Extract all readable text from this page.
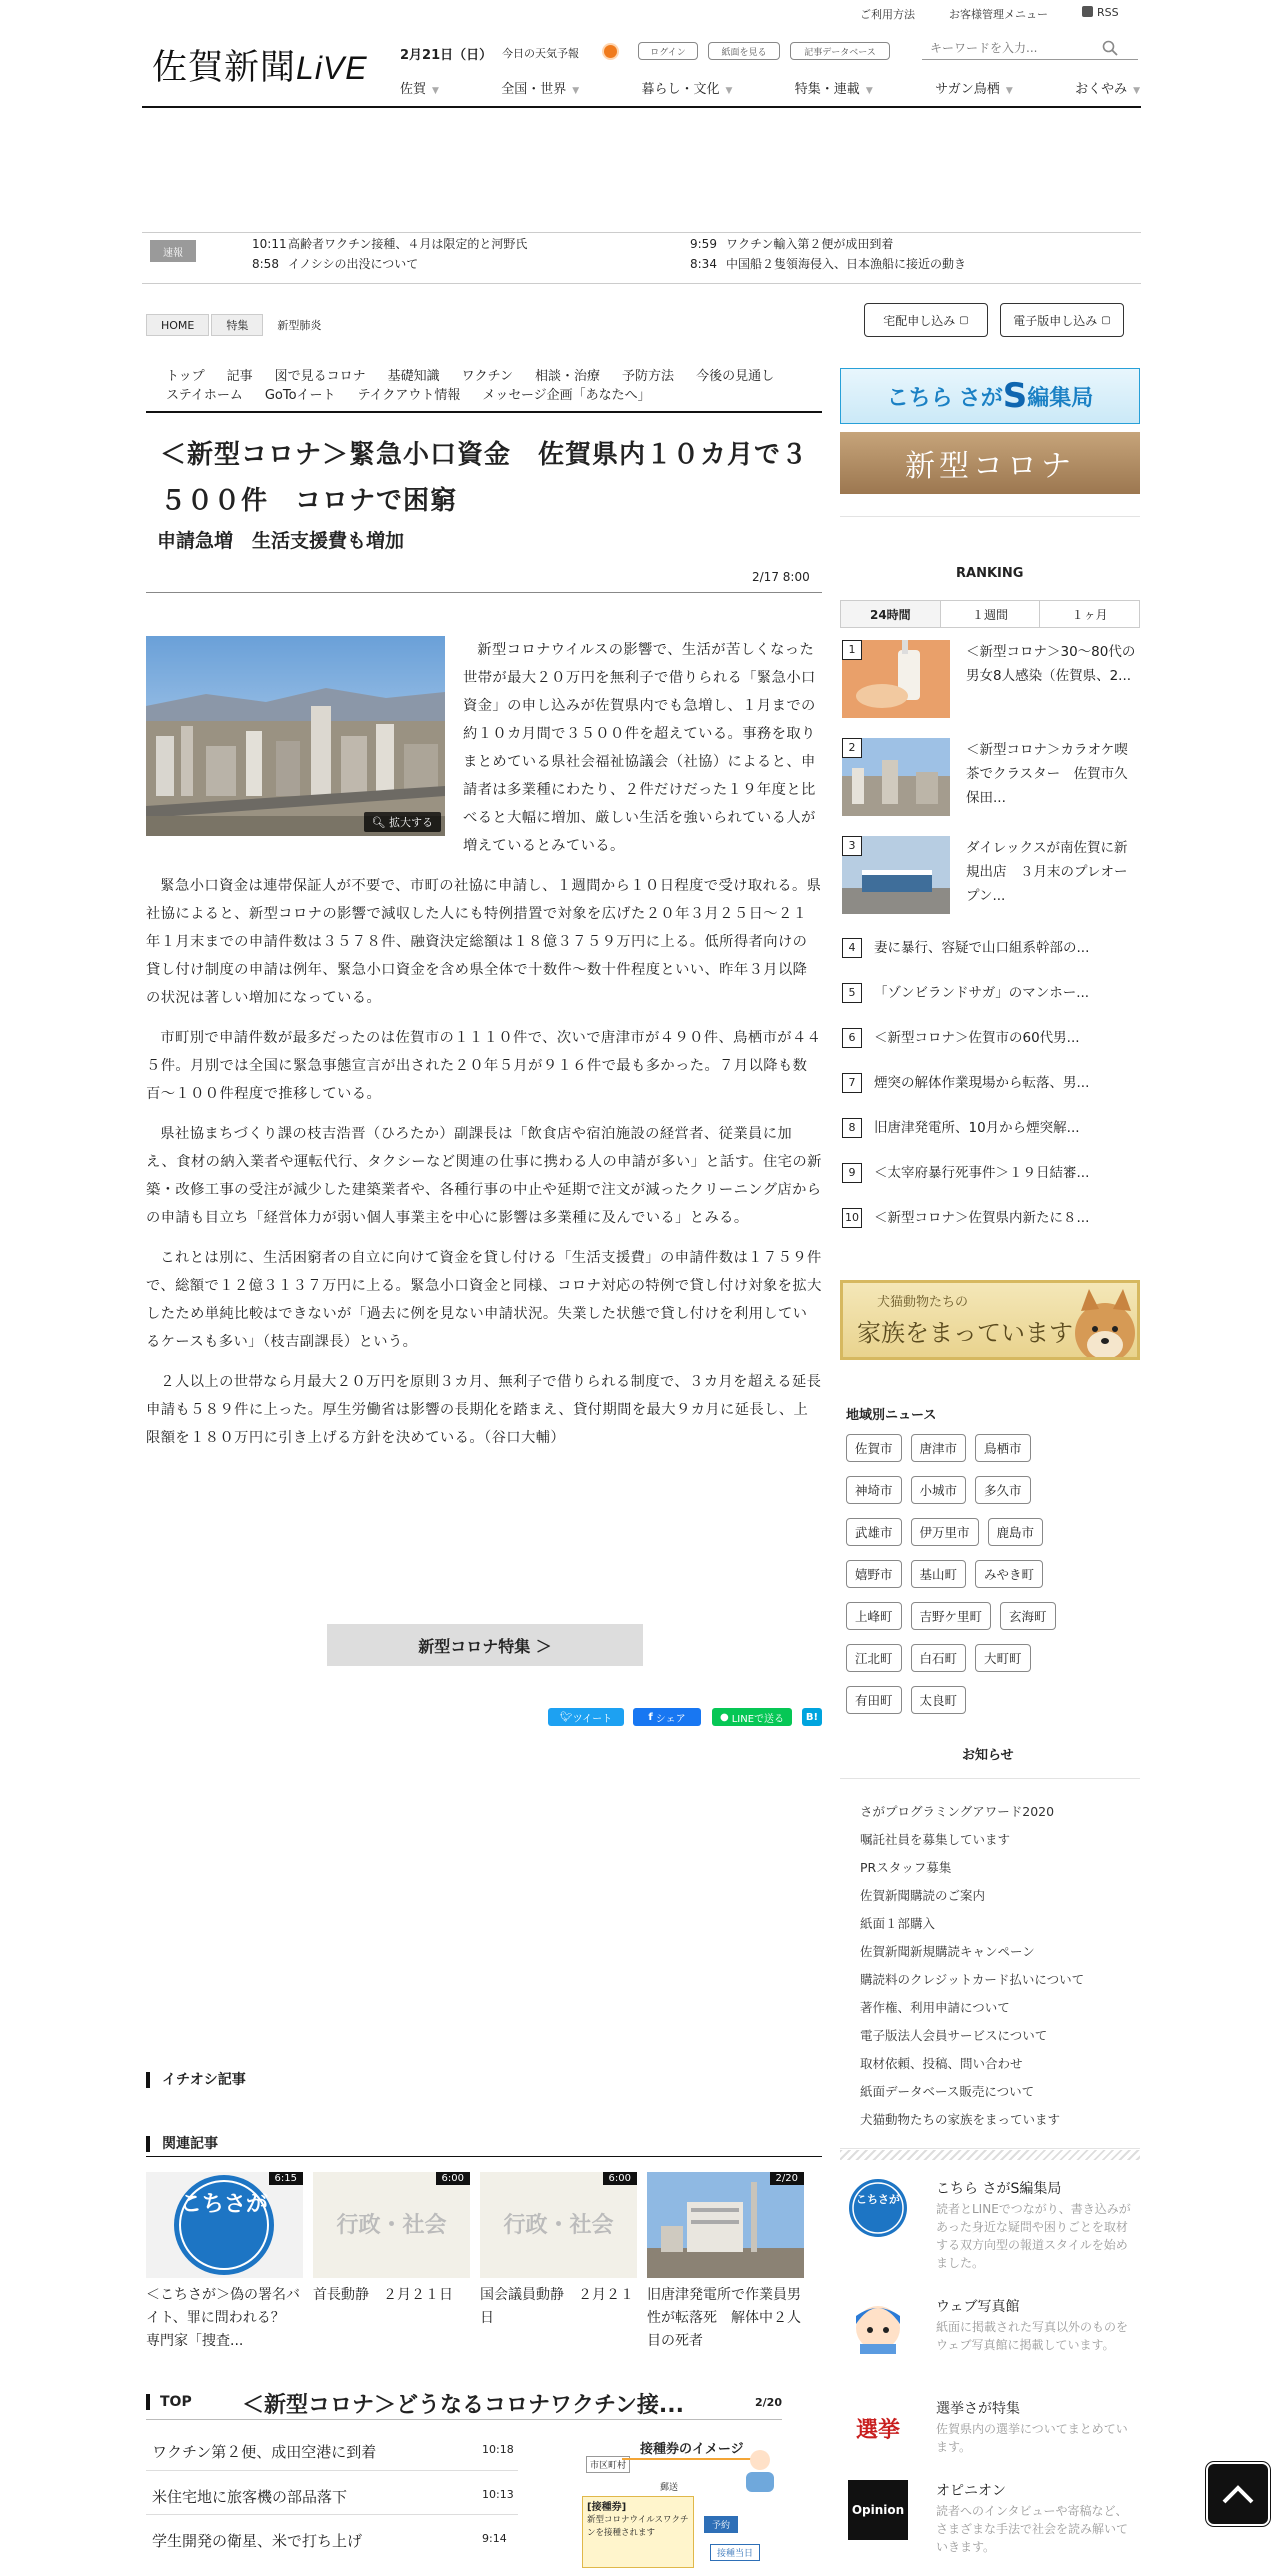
ご利用方法	お客様管理メニュー	RSS
佐賀新聞LiVE 2月21日（日） 今日の天気予報	ログイン	紙面を見る	記事データベース
キーワードを入力...
佐賀 ▼	全国・世界 ▼	暮らし・文化 ▼	特集・連載 ▼	サガン鳥栖 ▼	おくやみ ▼
速報
10:11高齢者ワクチン接種、４月は限定的と河野氏
8:58 イノシシの出没について
9:59 ワクチン輸入第２便が成田到着
8:34 中国船２隻領海侵入、日本漁船に接近の動き
HOME	特集	新型肺炎	宅配申し込み ▢	電子版申し込み ▢
トップ 記事 図で見るコロナ 基礎知識 ワクチン 相談・治療 予防方法 今後の見通し
ステイホーム GoToイート テイクアウト情報 メッセージ企画「あなたへ」
＜新型コロナ＞緊急小口資金　佐賀県内１０カ月で３５００件　コロナで困窮
申請急増　生活支援費も増加
2/17 8:00

新型コロナウイルスの影響で、生活が苦しくなった世帯が最大２０万円を無利子で借りられる「緊急小口資金」の申し込みが佐賀県内でも急増し、１月までの約１０カ月間で３５００件を超えている。事務を取りまとめている県社会福祉協議会（社協）によると、申請者は多業種にわたり、２件だけだった１９年度と比べると大幅に増加、厳しい生活を強いられている人が増えているとみている。

緊急小口資金は連帯保証人が不要で、市町の社協に申請し、１週間から１０日程度で受け取れる。県社協によると、新型コロナの影響で減収した人にも特例措置で対象を広げた２０年３月２５日～２１年１月末までの申請件数は３５７８件、融資決定総額は１８億３７５９万円に上る。低所得者向けの貸し付け制度の申請は例年、緊急小口資金を含め県全体で十数件～数十件程度といい、昨年３月以降の状況は著しい増加になっている。

市町別で申請件数が最多だったのは佐賀市の１１１０件で、次いで唐津市が４９０件、鳥栖市が４４５件。月別では全国に緊急事態宣言が出された２０年５月が９１６件で最も多かった。７月以降も数百～１００件程度で推移している。

県社協まちづくり課の枝吉浩晋（ひろたか）副課長は「飲食店や宿泊施設の経営者、従業員に加え、食材の納入業者や運転代行、タクシーなど関連の仕事に携わる人の申請が多い」と話す。住宅の新築・改修工事の受注が減少した建築業者や、各種行事の中止や延期で注文が減ったクリーニング店からの申請も目立ち「経営体力が弱い個人事業主を中心に影響は多業種に及んでいる」とみる。

これとは別に、生活困窮者の自立に向けて資金を貸し付ける「生活支援費」の申請件数は１７５９件で、総額で１２億３１３７万円に上る。緊急小口資金と同様、コロナ対応の特例で貸し付け対象を拡大したため単純比較はできないが「過去に例を見ない申請状況。失業した状態で貸し付けを利用しているケースも多い」（枝吉副課長）という。

２人以上の世帯なら月最大２０万円を原則３カ月、無利子で借りられる制度で、３カ月を超える延長申請も５８９件に上った。厚生労働省は影響の長期化を踏まえ、貸付期間を最大９カ月に延長し、上限額を１８０万円に引き上げる方針を決めている。（谷口大輔）

🔍︎ 拡大する
新型コロナ特集 ＞
🐦︎ ツイート	f シェア	● LINEで送る	B!
こちら さが S 編集局
新型コロナ
RANKING
24時間	１週間	１ヶ月
1	＜新型コロナ＞30～80代の男女8人感染（佐賀県、2...
2	＜新型コロナ＞カラオケ喫茶でクラスター　佐賀市久保田...
3	ダイレックスが南佐賀に新規出店　３月末のプレオープン...
4	妻に暴行、容疑で山口組系幹部の...
5	「ゾンビランドサガ」のマンホー...
6	＜新型コロナ＞佐賀市の60代男...
7	煙突の解体作業現場から転落、男...
8	旧唐津発電所、10月から煙突解...
9	＜太宰府暴行死事件＞１９日結審...
10 ＜新型コロナ＞佐賀県内新たに８...
犬猫動物たちの
家族をまっています
地域別ニュース
佐賀市 唐津市 鳥栖市
神埼市 小城市 多久市
武雄市 伊万里市 鹿島市
嬉野市 基山町 みやき町
上峰町 吉野ケ里町 玄海町
江北町 白石町 大町町
有田町 太良町
お知らせ
さがプログラミングアワード2020
嘱託社員を募集しています
PRスタッフ募集
佐賀新聞購読のご案内
紙面１部購入
佐賀新聞新規購読キャンペーン
購読料のクレジットカード払いについて
著作権、利用申請について
電子版法人会員サービスについて
取材依頼、投稿、問い合わせ
紙面データベース販売について
犬猫動物たちの家族をまっています
こちさが
こちら さがS編集局
読者とLINEでつながり、書き込みがあった身近な疑問や困りごとを取材する双方向型の報道スタイルを始めました。
ウェブ写真館
紙面に掲載された写真以外のものをウェブ写真館に掲載しています。
選挙
選挙さが特集
佐賀県内の選挙についてまとめています。
Opinion
オピニオン
読者へのインタビューや寄稿など、さまざまな手法で社会を読み解いていきます。
イチオシ記事
関連記事
こちさが
6:15
＜こちさが＞偽の署名バイト、罪に問われる？　専門家「捜査...
行政・社会
6:00
首長動静　２月２１日
行政・社会
6:00
国会議員動静　２月２１日
2/20
旧唐津発電所で作業員男性が転落死　解体中２人目の死者
TOP ＜新型コロナ＞どうなるコロナワクチン接...	2/20
ワクチン第２便、成田空港に到着	10:18
米住宅地に旅客機の部品落下	10:13
学生開発の衛星、米で打ち上げ	9:14
市区町村
接種券のイメージ
郵送
[接種券]
新型コロナウイルスワクチンを接種されます
予約
接種当日
